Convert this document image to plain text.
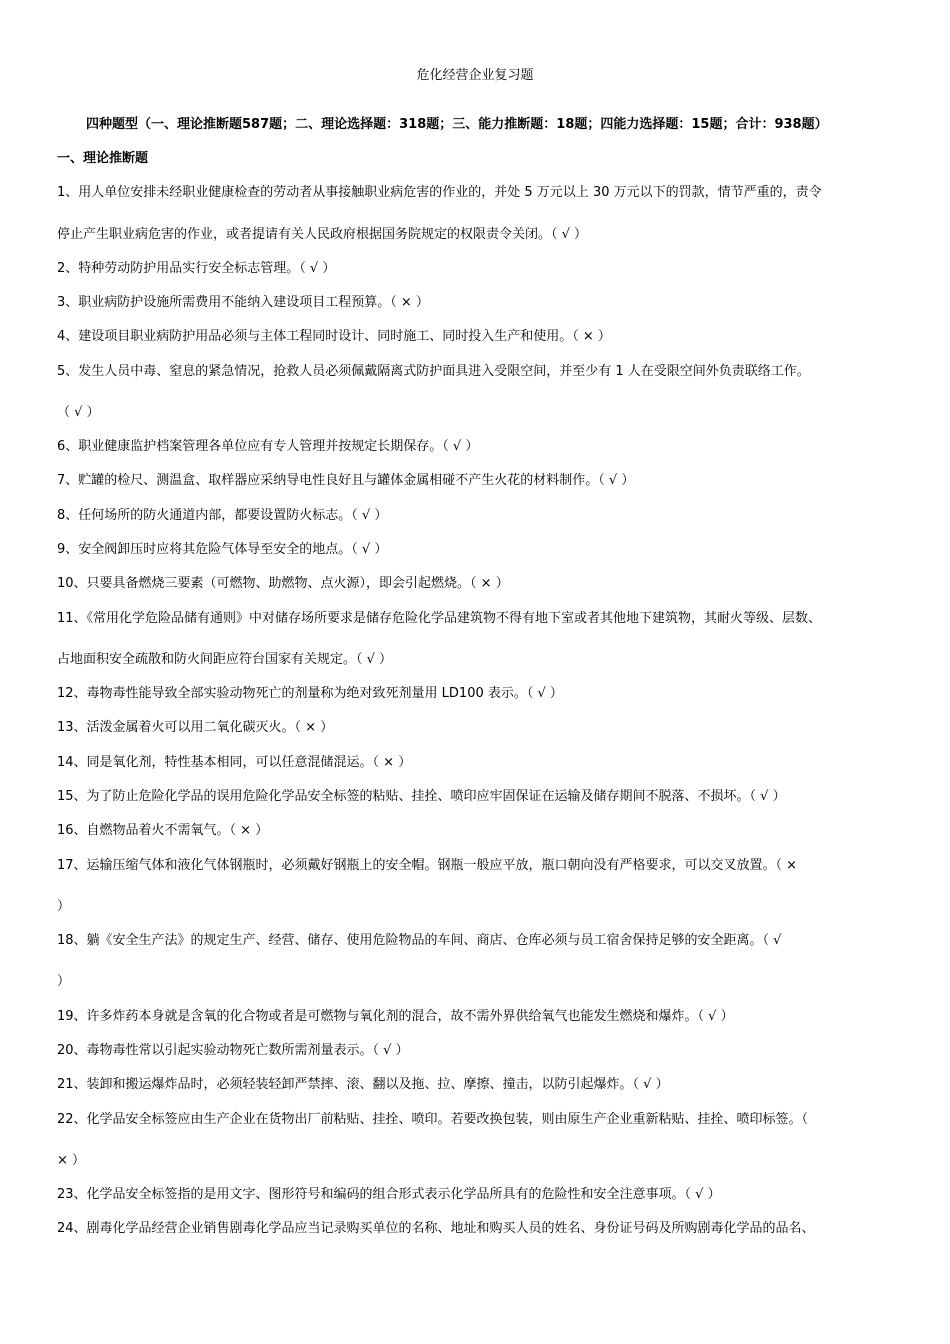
危化经营企业复习题
四种题型（一、理论推断题587题；二、理论选择题：318题；三、能力推断题：18题；四能力选择题：15题；合计：938题）
一、理论推断题
1、用人单位安排未经职业健康检查的劳动者从事接触职业病危害的作业的，并处 5 万元以上 30 万元以下的罚款，情节严重的，责令
停止产生职业病危害的作业，或者提请有关人民政府根据国务院规定的权限责令关闭。（ √ ）
2、特种劳动防护用品实行安全标志管理。（ √ ）
3、职业病防护设施所需费用不能纳入建设项目工程预算。（ × ）
4、建设项目职业病防护用品必须与主体工程同时设计、同时施工、同时投入生产和使用。（ × ）
5、发生人员中毒、窒息的紧急情况，抢救人员必须佩戴隔离式防护面具进入受限空间，并至少有 1 人在受限空间外负责联络工作。
（ √ ）
6、职业健康监护档案管理各单位应有专人管理并按规定长期保存。（ √ ）
7、贮罐的检尺、测温盒、取样器应采纳导电性良好且与罐体金属相碰不产生火花的材料制作。（ √ ）
8、任何场所的防火通道内部，都要设置防火标志。（ √ ）
9、安全阀卸压时应将其危险气体导至安全的地点。（ √ ）
10、只要具备燃烧三要素（可燃物、助燃物、点火源），即会引起燃烧。（ × ）
11、《常用化学危险品储有通则》中对储存场所要求是储存危险化学品建筑物不得有地下室或者其他地下建筑物，其耐火等级、层数、
占地面积安全疏散和防火间距应符台国家有关规定。（ √ ）
12、毒物毒性能导致全部实验动物死亡的剂量称为绝对致死剂量用 LD100 表示。（ √ ）
13、活泼金属着火可以用二氧化碳灭火。（ × ）
14、同是氧化剂，特性基本相同，可以任意混储混运。（ × ）
15、为了防止危险化学品的误用危险化学品安全标签的粘贴、挂拴、喷印应牢固保证在运输及储存期间不脱落、不损坏。（ √ ）
16、自燃物品着火不需氧气。（ × ）
17、运输压缩气体和液化气体钢瓶时，必须戴好钢瓶上的安全帽。钢瓶一般应平放，瓶口朝向没有严格要求，可以交叉放置。（ ×
）
18、躺《安全生产法》的规定生产、经营、储存、使用危险物品的车间、商店、仓库必须与员工宿舍保持足够的安全距离。（ √
）
19、许多炸药本身就是含氧的化合物或者是可燃物与氧化剂的混合，故不需外界供给氧气也能发生燃烧和爆炸。（ √ ）
20、毒物毒性常以引起实验动物死亡数所需剂量表示。（ √ ）
21、装卸和搬运爆炸品时，必须轻装轻卸严禁摔、滚、翻以及拖、拉、摩擦、撞击，以防引起爆炸。（ √ ）
22、化学品安全标签应由生产企业在货物出厂前粘贴、挂拴、喷印。若要改换包装，则由原生产企业重新粘贴、挂拴、喷印标签。（
× ）
23、化学品安全标签指的是用文字、图形符号和编码的组合形式表示化学品所具有的危险性和安全注意事项。（ √ ）
24、剧毒化学品经营企业销售剧毒化学品应当记录购买单位的名称、地址和购买人员的姓名、身份证号码及所购剧毒化学品的品名、
